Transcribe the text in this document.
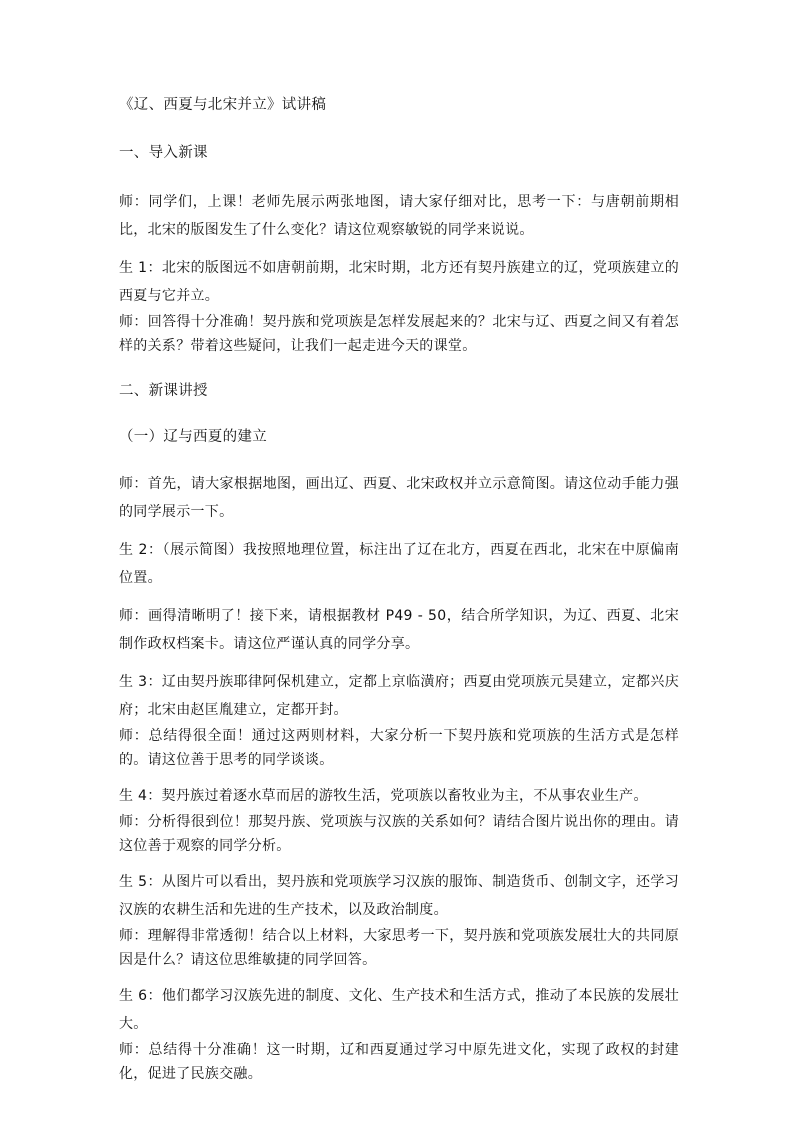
《辽、西夏与北宋并立》试讲稿
一、导入新课
师：同学们，上课！老师先展示两张地图，请大家仔细对比，思考一下：与唐朝前期相比，北宋的版图发生了什么变化？请这位观察敏锐的同学来说说。
生 1：北宋的版图远不如唐朝前期，北宋时期，北方还有契丹族建立的辽，党项族建立的西夏与它并立。
师：回答得十分准确！契丹族和党项族是怎样发展起来的？北宋与辽、西夏之间又有着怎样的关系？带着这些疑问，让我们一起走进今天的课堂。
二、新课讲授
（一）辽与西夏的建立
师：首先，请大家根据地图，画出辽、西夏、北宋政权并立示意简图。请这位动手能力强的同学展示一下。
生 2：（展示简图）我按照地理位置，标注出了辽在北方，西夏在西北，北宋在中原偏南位置。
师：画得清晰明了！接下来，请根据教材 P49 - 50，结合所学知识，为辽、西夏、北宋制作政权档案卡。请这位严谨认真的同学分享。
生 3：辽由契丹族耶律阿保机建立，定都上京临潢府；西夏由党项族元昊建立，定都兴庆府；北宋由赵匡胤建立，定都开封。
师：总结得很全面！通过这两则材料，大家分析一下契丹族和党项族的生活方式是怎样的。请这位善于思考的同学谈谈。
生 4：契丹族过着逐水草而居的游牧生活，党项族以畜牧业为主，不从事农业生产。
师：分析得很到位！那契丹族、党项族与汉族的关系如何？请结合图片说出你的理由。请这位善于观察的同学分析。
生 5：从图片可以看出，契丹族和党项族学习汉族的服饰、制造货币、创制文字，还学习汉族的农耕生活和先进的生产技术，以及政治制度。
师：理解得非常透彻！结合以上材料，大家思考一下，契丹族和党项族发展壮大的共同原因是什么？请这位思维敏捷的同学回答。
生 6：他们都学习汉族先进的制度、文化、生产技术和生活方式，推动了本民族的发展壮大。
师：总结得十分准确！这一时期，辽和西夏通过学习中原先进文化，实现了政权的封建化，促进了民族交融。
